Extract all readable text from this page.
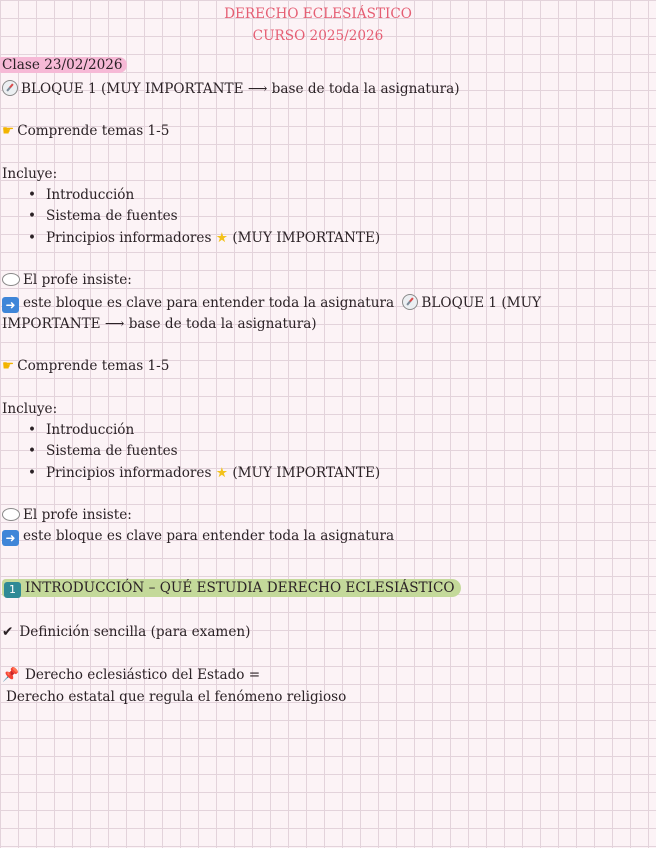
DERECHO ECLESIÁSTICO
CURSO 2025/2026
Clase 23/02/2026
BLOQUE 1 (MUY IMPORTANTE ⟶ base de toda la asignatura)
☛ Comprende temas 1-5
Incluye:
• Introducción
• Sistema de fuentes
• Principios informadores ★ (MUY IMPORTANTE)
El profe insiste:
➜ este bloque es clave para entender toda la asignatura BLOQUE 1 (MUY IMPORTANTE ⟶ base de toda la asignatura)
☛ Comprende temas 1-5
Incluye:
• Introducción
• Sistema de fuentes
• Principios informadores ★ (MUY IMPORTANTE)
El profe insiste:
➜ este bloque es clave para entender toda la asignatura
1 INTRODUCCIÓN – QUÉ ESTUDIA DERECHO ECLESIÁSTICO
✔ Definición sencilla (para examen)
📌 Derecho eclesiástico del Estado =
Derecho estatal que regula el fenómeno religioso
